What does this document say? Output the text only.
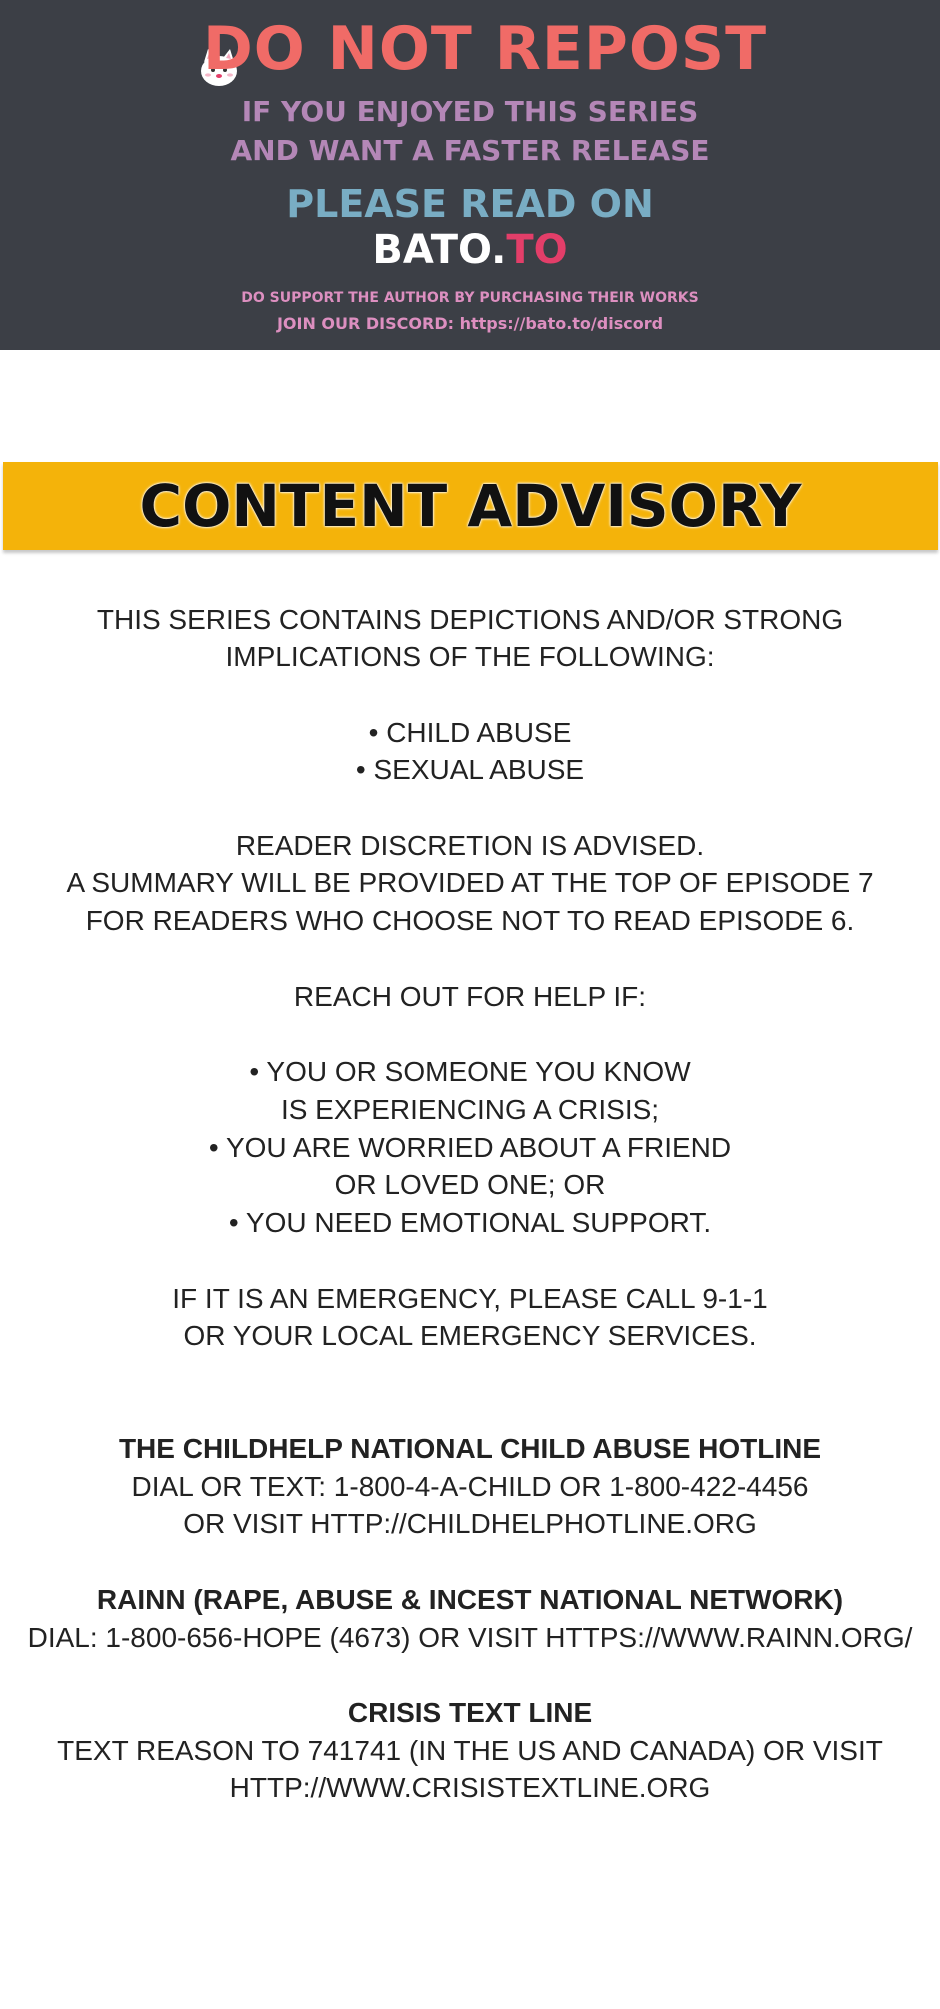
DO NOT REPOST
IF YOU ENJOYED THIS SERIES
AND WANT A FASTER RELEASE
PLEASE READ ON
BATO.TO
DO SUPPORT THE AUTHOR BY PURCHASING THEIR WORKS
JOIN OUR DISCORD: https://bato.to/discord
CONTENT ADVISORY
THIS SERIES CONTAINS DEPICTIONS AND/OR STRONG
IMPLICATIONS OF THE FOLLOWING:
• CHILD ABUSE
• SEXUAL ABUSE
READER DISCRETION IS ADVISED.
A SUMMARY WILL BE PROVIDED AT THE TOP OF EPISODE 7
FOR READERS WHO CHOOSE NOT TO READ EPISODE 6.
REACH OUT FOR HELP IF:
• YOU OR SOMEONE YOU KNOW
IS EXPERIENCING A CRISIS;
• YOU ARE WORRIED ABOUT A FRIEND
OR LOVED ONE; OR
• YOU NEED EMOTIONAL SUPPORT.
IF IT IS AN EMERGENCY, PLEASE CALL 9-1-1
OR YOUR LOCAL EMERGENCY SERVICES.
THE CHILDHELP NATIONAL CHILD ABUSE HOTLINE
DIAL OR TEXT: 1-800-4-A-CHILD OR 1-800-422-4456
OR VISIT HTTP://CHILDHELPHOTLINE.ORG
RAINN (RAPE, ABUSE & INCEST NATIONAL NETWORK)
DIAL: 1-800-656-HOPE (4673) OR VISIT HTTPS://WWW.RAINN.ORG/
CRISIS TEXT LINE
TEXT REASON TO 741741 (IN THE US AND CANADA) OR VISIT
HTTP://WWW.CRISISTEXTLINE.ORG
